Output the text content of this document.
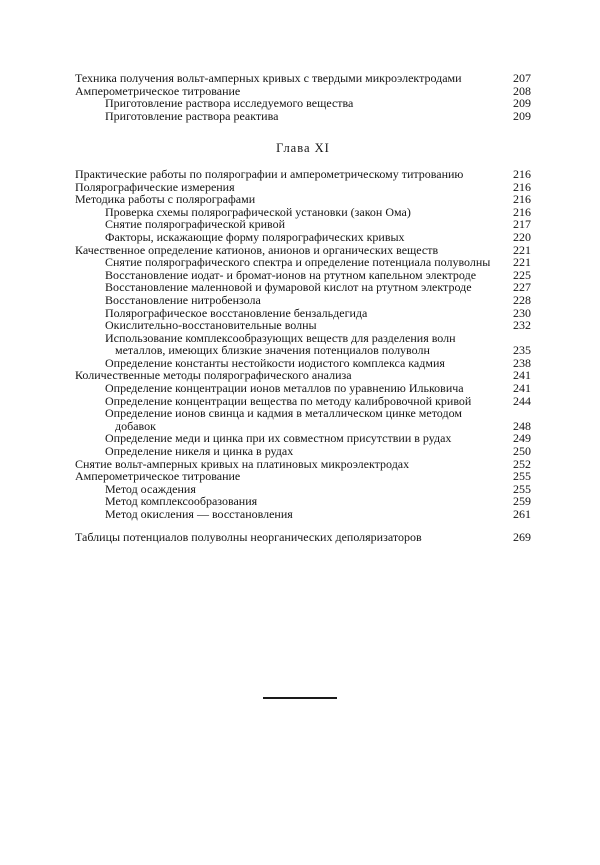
Техника получения вольт-амперных кривых с твердыми микроэлектродами	207
Амперометрическое титрование	208
Приготовление раствора исследуемого вещества	209
Приготовление раствора реактива	209
Глава XI
Практические работы по полярографии и амперометрическому титрованию	216
Полярографические измерения	216
Методика работы с полярографами	216
Проверка схемы полярографической установки (закон Ома)	216
Снятие полярографической кривой	217
Факторы, искажающие форму полярографических кривых	220
Качественное определение катионов, анионов и органических веществ	221
Снятие полярографического спектра и определение потенциала полуволны	221
Восстановление иодат- и бромат-ионов на ртутном капельном электроде	225
Восстановление маленновой и фумаровой кислот на ртутном электроде	227
Восстановление нитробензола	228
Полярографическое восстановление бензальдегида	230
Окислительно-восстановительные волны	232
Использование комплексообразующих веществ для разделения волн металлов, имеющих близкие значения потенциалов полуволн	235
Определение константы нестойкости иодистого комплекса кадмия	238
Количественные методы полярографического анализа	241
Определение концентрации ионов металлов по уравнению Ильковича	241
Определение концентрации вещества по методу калибровочной кривой	244
Определение ионов свинца и кадмия в металлическом цинке методом добавок	248
Определение меди и цинка при их совместном присутствии в рудах	249
Определение никеля и цинка в рудах	250
Снятие вольт-амперных кривых на платиновых микроэлектродах	252
Амперометрическое титрование	255
Метод осаждения	255
Метод комплексообразования	259
Метод окисления — восстановления	261
Таблицы потенциалов полуволны неорганических деполяризаторов	269
